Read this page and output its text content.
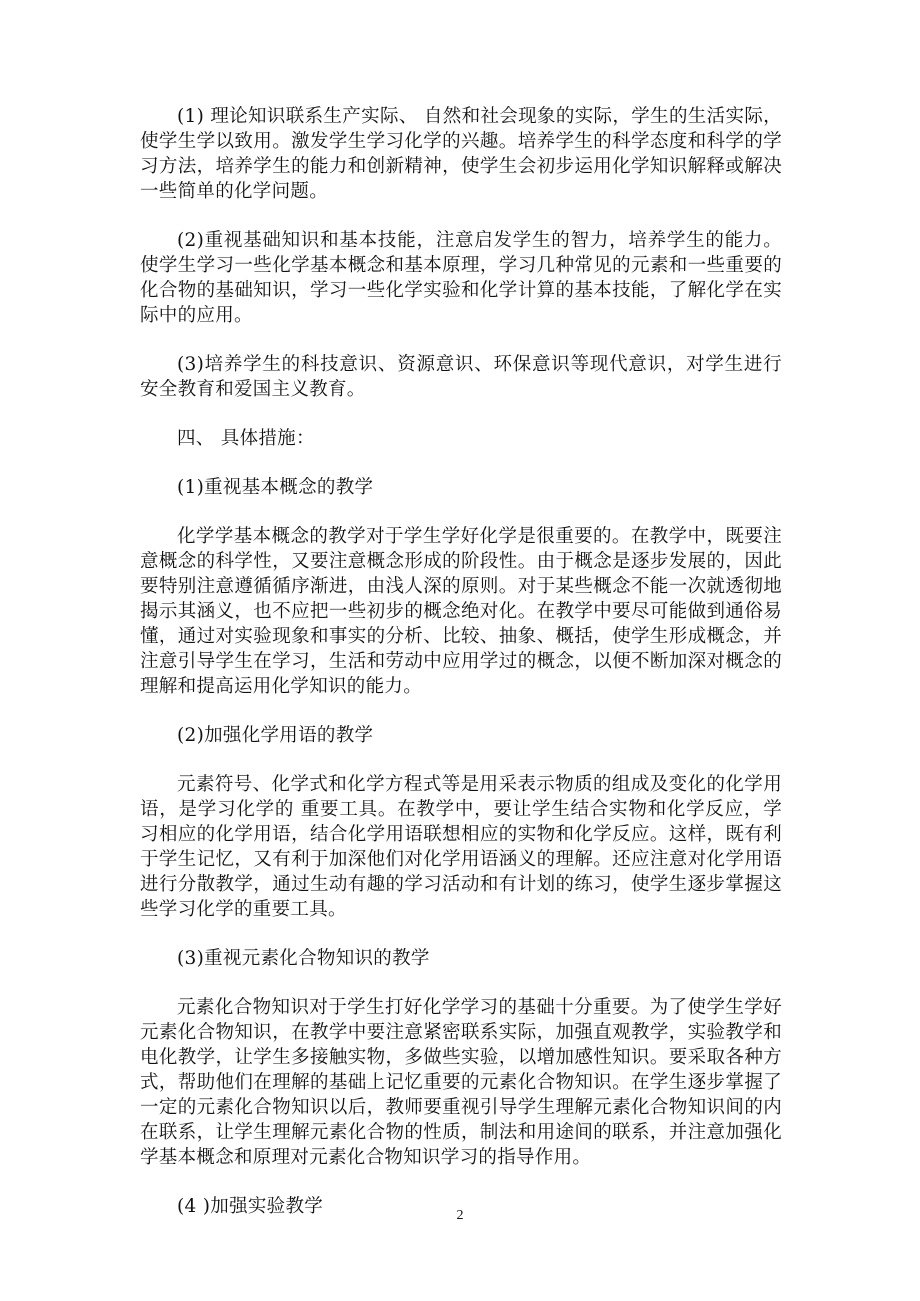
(1) 理论知识联系生产实际、 自然和社会现象的实际，学生的生活实际，使学生学以致用。激发学生学习化学的兴趣。培养学生的科学态度和科学的学习方法，培养学生的能力和创新精神，使学生会初步运用化学知识解释或解决一些简单的化学问题。

(2)重视基础知识和基本技能，注意启发学生的智力，培养学生的能力。使学生学习一些化学基本概念和基本原理，学习几种常见的元素和一些重要的化合物的基础知识，学习一些化学实验和化学计算的基本技能，了解化学在实际中的应用。

(3)培养学生的科技意识、资源意识、环保意识等现代意识，对学生进行安全教育和爱国主义教育。

四、 具体措施：

(1)重视基本概念的教学

化学学基本概念的教学对于学生学好化学是很重要的。在教学中，既要注意概念的科学性，又要注意概念形成的阶段性。由于概念是逐步发展的，因此要特别注意遵循循序渐进，由浅人深的原则。对于某些概念不能一次就透彻地揭示其涵义，也不应把一些初步的概念绝对化。在教学中要尽可能做到通俗易懂，通过对实验现象和事实的分析、比较、抽象、概括，使学生形成概念，并注意引导学生在学习，生活和劳动中应用学过的概念，以便不断加深对概念的理解和提高运用化学知识的能力。

(2)加强化学用语的教学

元素符号、化学式和化学方程式等是用采表示物质的组成及变化的化学用语，是学习化学的 重要工具。在教学中，要让学生结合实物和化学反应，学习相应的化学用语，结合化学用语联想相应的实物和化学反应。这样，既有利于学生记忆，又有利于加深他们对化学用语涵义的理解。还应注意对化学用语进行分散教学，通过生动有趣的学习活动和有计划的练习，使学生逐步掌握这些学习化学的重要工具。

(3)重视元素化合物知识的教学

元素化合物知识对于学生打好化学学习的基础十分重要。为了使学生学好元素化合物知识，在教学中要注意紧密联系实际，加强直观教学，实验教学和电化教学，让学生多接触实物，多做些实验，以增加感性知识。要采取各种方式，帮助他们在理解的基础上记忆重要的元素化合物知识。在学生逐步掌握了一定的元素化合物知识以后，教师要重视引导学生理解元素化合物知识间的内在联系，让学生理解元素化合物的性质，制法和用途间的联系，并注意加强化学基本概念和原理对元素化合物知识学习的指导作用。

(4 )加强实验教学	2
